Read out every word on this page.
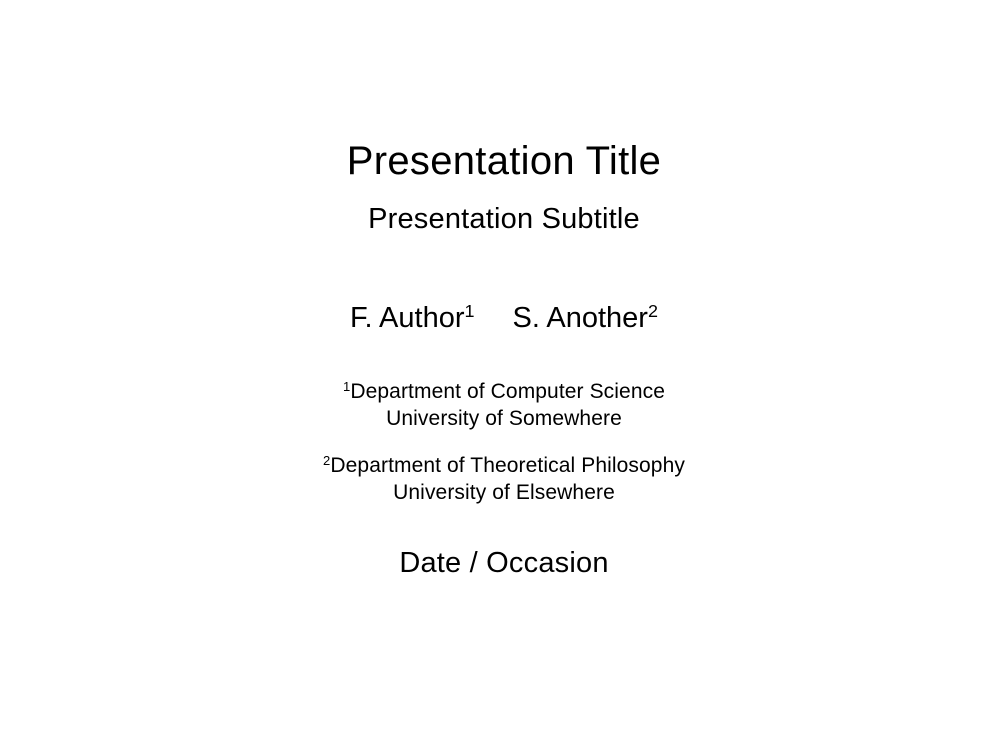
Presentation Title
Presentation Subtitle
F. Author$^1$ S. Another$^2$
$^1$Department of Computer Science
University of Somewhere
$^2$Department of Theoretical Philosophy
University of Elsewhere
Date / Occasion
